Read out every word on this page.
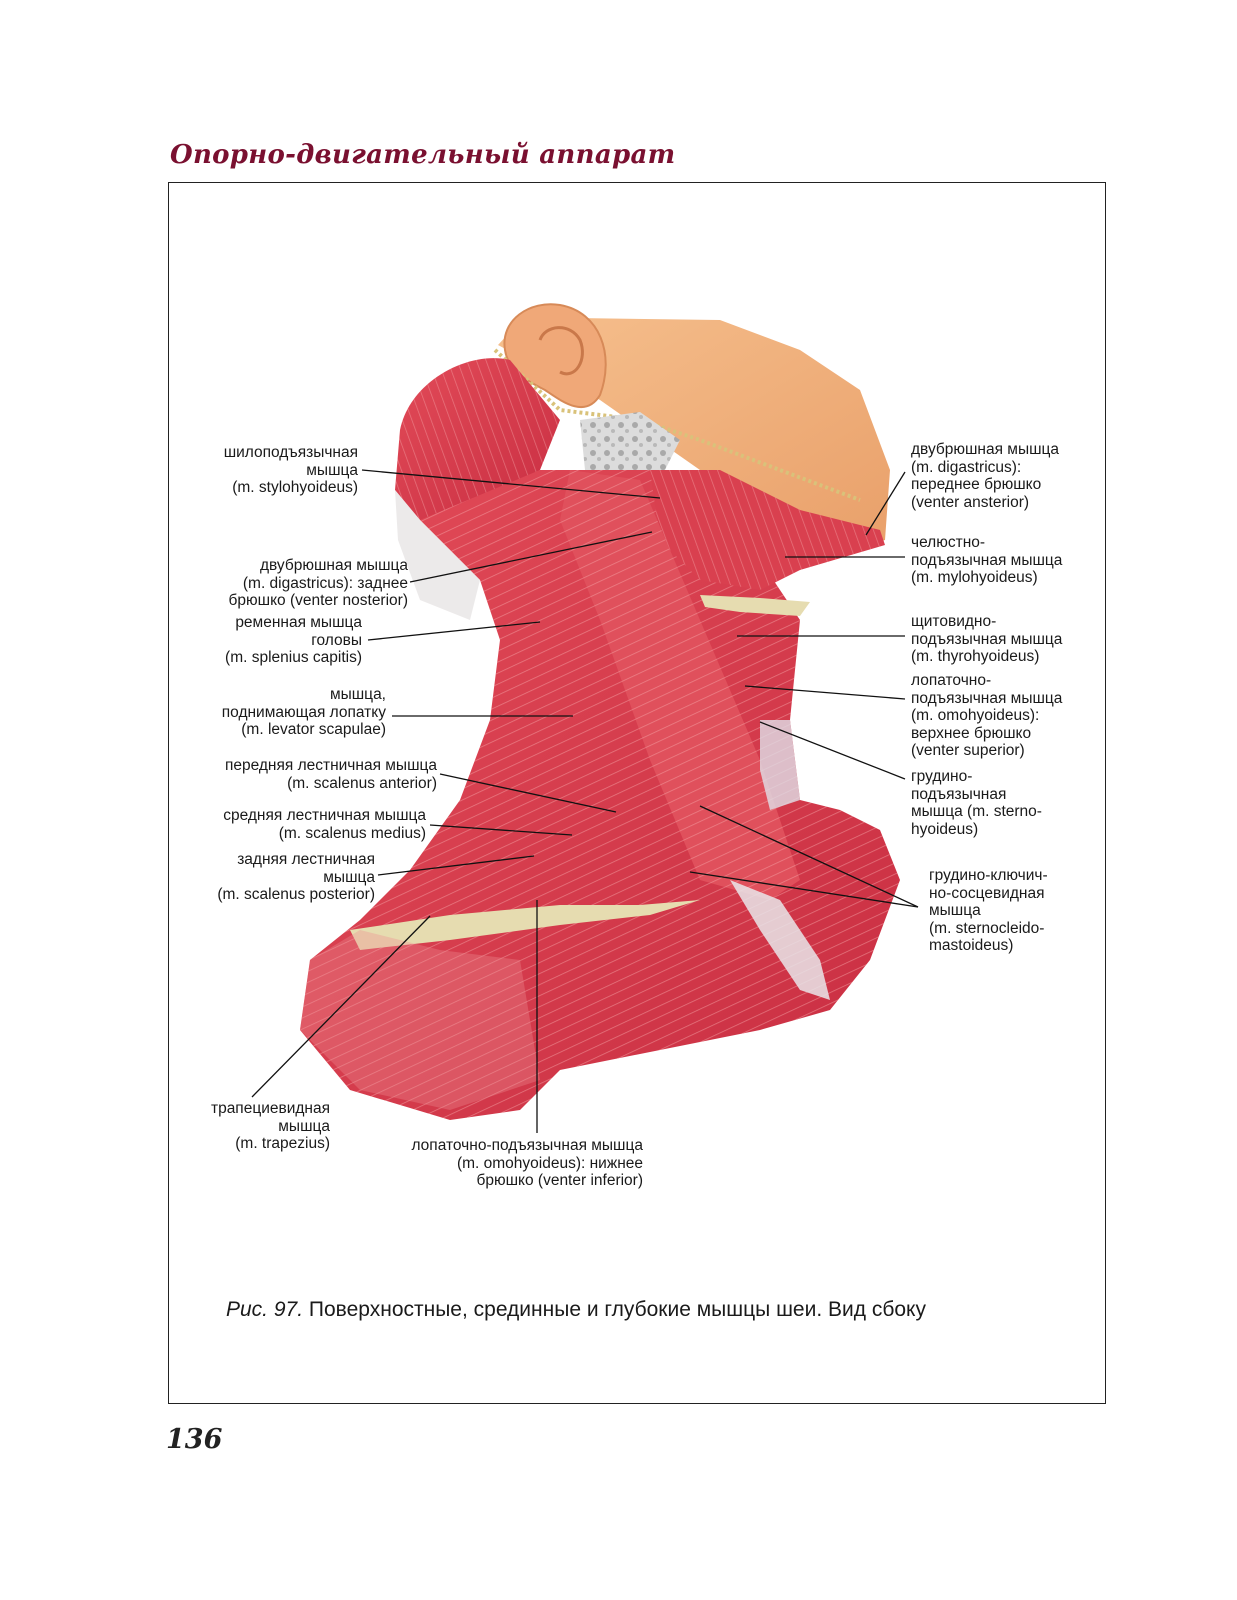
Опорно-двигательный аппарат

шилоподъязычная
мышца
(m. stylohyoideus)

двубрюшная мышца
(m. digastricus): заднее
брюшко (venter nosterior)

ременная мышца
головы
(m. splenius capitis)

мышца,
поднимающая лопатку
(m. levator scapulae)

передняя лестничная мышца
(m. scalenus anterior)

средняя лестничная мышца
(m. scalenus medius)

задняя лестничная
мышца
(m. scalenus posterior)

трапециевидная
мышца
(m. trapezius)	лопаточно-подъязычная мышца
(m. omohyoideus): нижнее
брюшко (venter inferior)

двубрюшная мышца
(m. digastricus):
переднее брюшко
(venter ansterior)

челюстно-
подъязычная мышца
(m. mylohyoideus)

щитовидно-
подъязычная мышца
(m. thyrohyoideus)

лопаточно-
подъязычная мышца
(m. omohyoideus):
верхнее брюшко
(venter superior)

грудино-
подъязычная
мышца (m. sterno-
hyoideus)

грудино-ключич-
но-сосцевидная
мышца
(m. sternocleido-
mastoideus)

Рис. 97. Поверхностные, срединные и глубокие мышцы шеи. Вид сбоку

136
